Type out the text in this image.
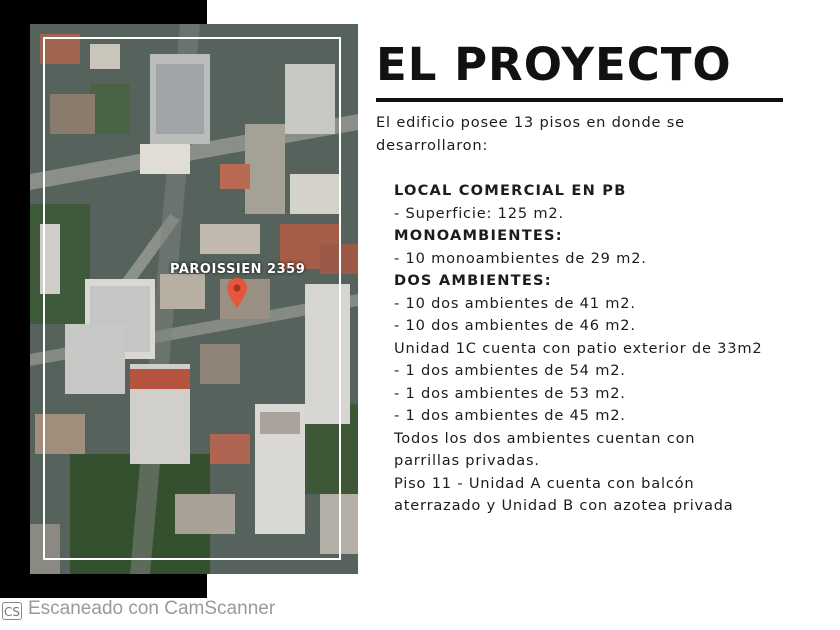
PAROISSIEN 2359
EL PROYECTO

El edificio posee 13 pisos en donde se desarrollaron:

LOCAL COMERCIAL EN PB
- Superficie: 125 m2.
MONOAMBIENTES:
- 10 monoambientes de 29 m2.
DOS AMBIENTES:
- 10 dos ambientes de 41 m2.
- 10 dos ambientes de 46 m2.
Unidad 1C cuenta con patio exterior de 33m2
- 1 dos ambientes de 54 m2.
- 1 dos ambientes de 53 m2.
- 1 dos ambientes de 45 m2.
Todos los dos ambientes cuentan con
parrillas privadas.
Piso 11 - Unidad A cuenta con balcón
aterrazado y Unidad B con azotea privada
CS Escaneado con CamScanner
